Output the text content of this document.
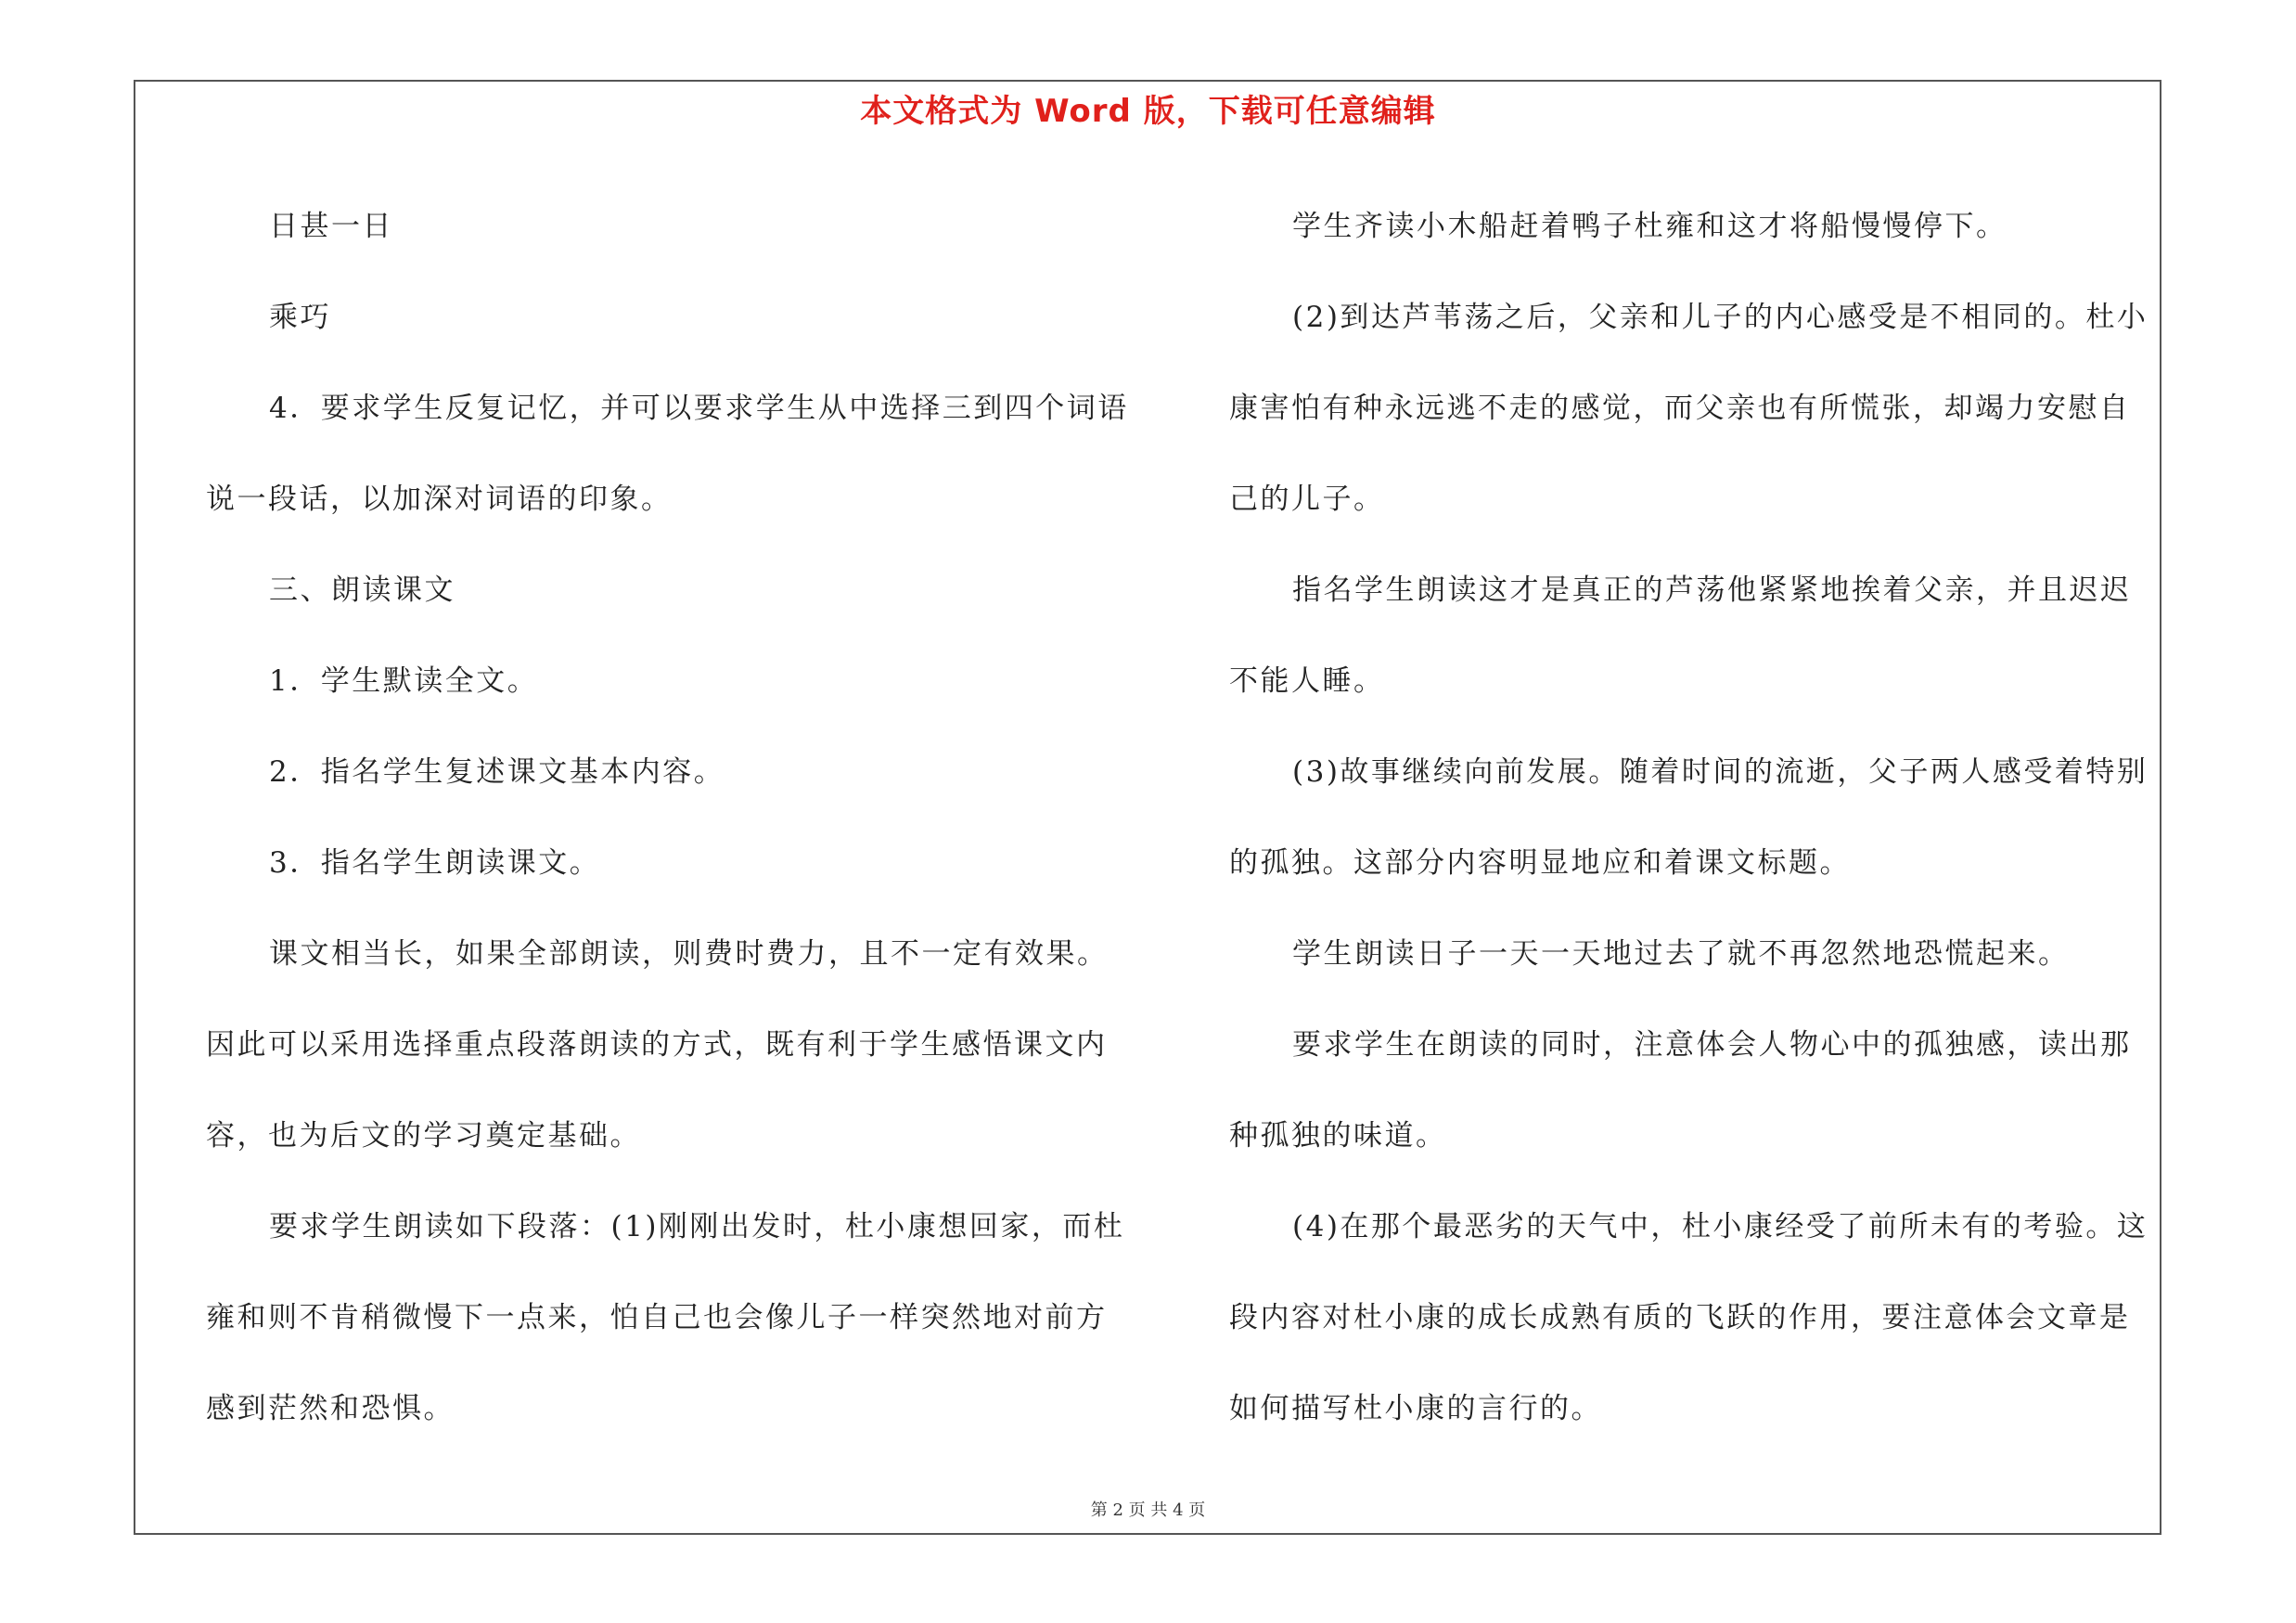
本文格式为 Word 版，下载可任意编辑

日甚一日

乘巧

4．要求学生反复记忆，并可以要求学生从中选择三到四个词语说一段话，以加深对词语的印象。

三、朗读课文

1．学生默读全文。

2．指名学生复述课文基本内容。

3．指名学生朗读课文。

课文相当长，如果全部朗读，则费时费力，且不一定有效果。因此可以采用选择重点段落朗读的方式，既有利于学生感悟课文内容，也为后文的学习奠定基础。

要求学生朗读如下段落：(1)刚刚出发时，杜小康想回家，而杜雍和则不肯稍微慢下一点来，怕自己也会像儿子一样突然地对前方感到茫然和恐惧。

学生齐读小木船赶着鸭子杜雍和这才将船慢慢停下。

(2)到达芦苇荡之后，父亲和儿子的内心感受是不相同的。杜小康害怕有种永远逃不走的感觉，而父亲也有所慌张，却竭力安慰自己的儿子。

指名学生朗读这才是真正的芦荡他紧紧地挨着父亲，并且迟迟不能人睡。

(3)故事继续向前发展。随着时间的流逝，父子两人感受着特别的孤独。这部分内容明显地应和着课文标题。

学生朗读日子一天一天地过去了就不再忽然地恐慌起来。

要求学生在朗读的同时，注意体会人物心中的孤独感，读出那种孤独的味道。

(4)在那个最恶劣的天气中，杜小康经受了前所未有的考验。这段内容对杜小康的成长成熟有质的飞跃的作用，要注意体会文章是如何描写杜小康的言行的。

第 2 页 共 4 页
